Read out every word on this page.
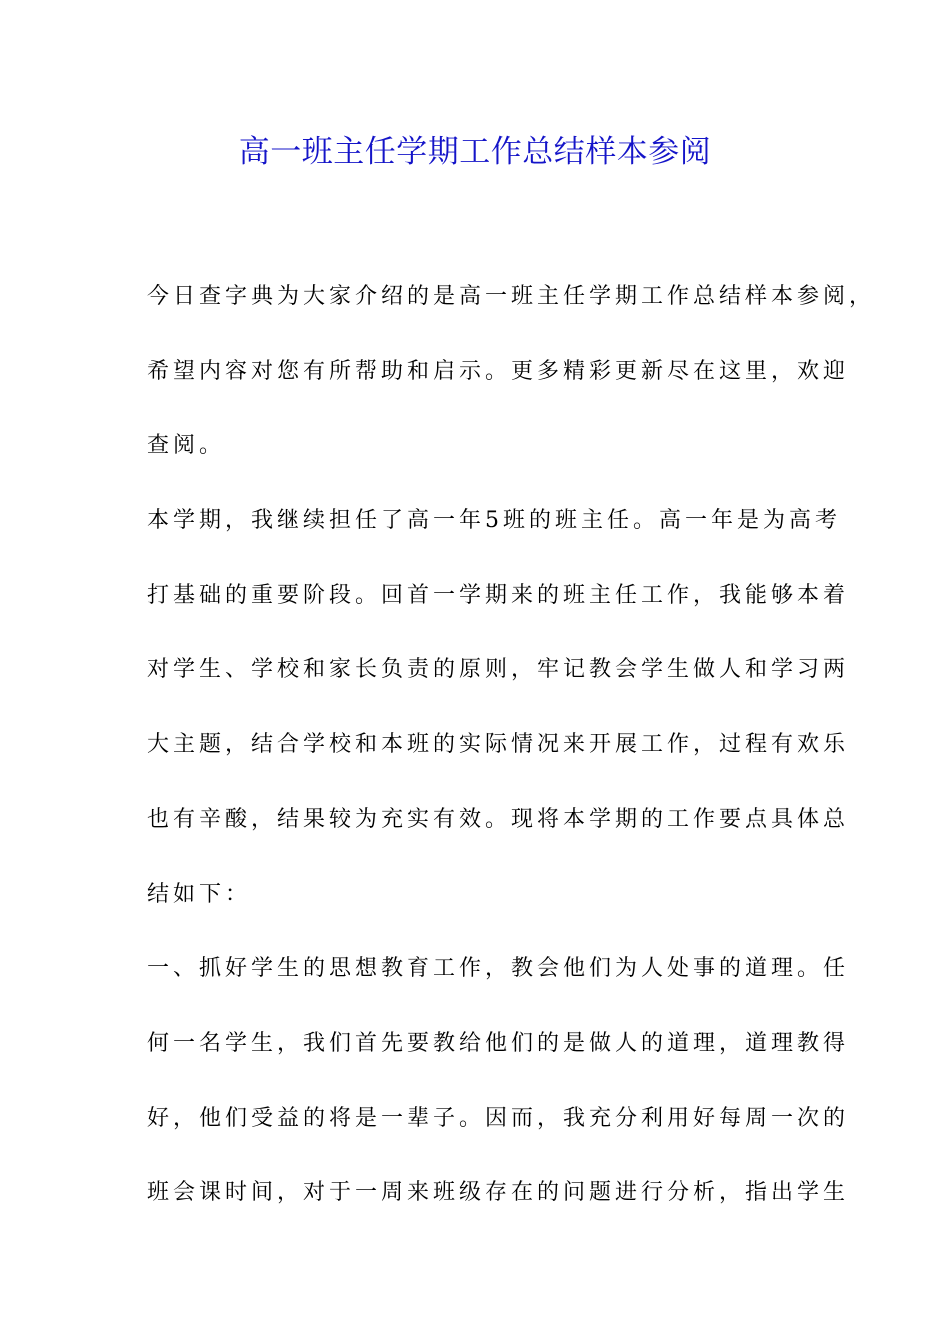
高一班主任学期工作总结样本参阅
今日查字典为大家介绍的是高一班主任学期工作总结样本参阅，
希望内容对您有所帮助和启示。更多精彩更新尽在这里，欢迎
查阅。
本学期，我继续担任了高一年5班的班主任。高一年是为高考
打基础的重要阶段。回首一学期来的班主任工作，我能够本着
对学生、学校和家长负责的原则，牢记教会学生做人和学习两
大主题，结合学校和本班的实际情况来开展工作，过程有欢乐
也有辛酸，结果较为充实有效。现将本学期的工作要点具体总
结如下：
一、抓好学生的思想教育工作，教会他们为人处事的道理。任
何一名学生，我们首先要教给他们的是做人的道理，道理教得
好，他们受益的将是一辈子。因而，我充分利用好每周一次的
班会课时间，对于一周来班级存在的问题进行分析，指出学生
